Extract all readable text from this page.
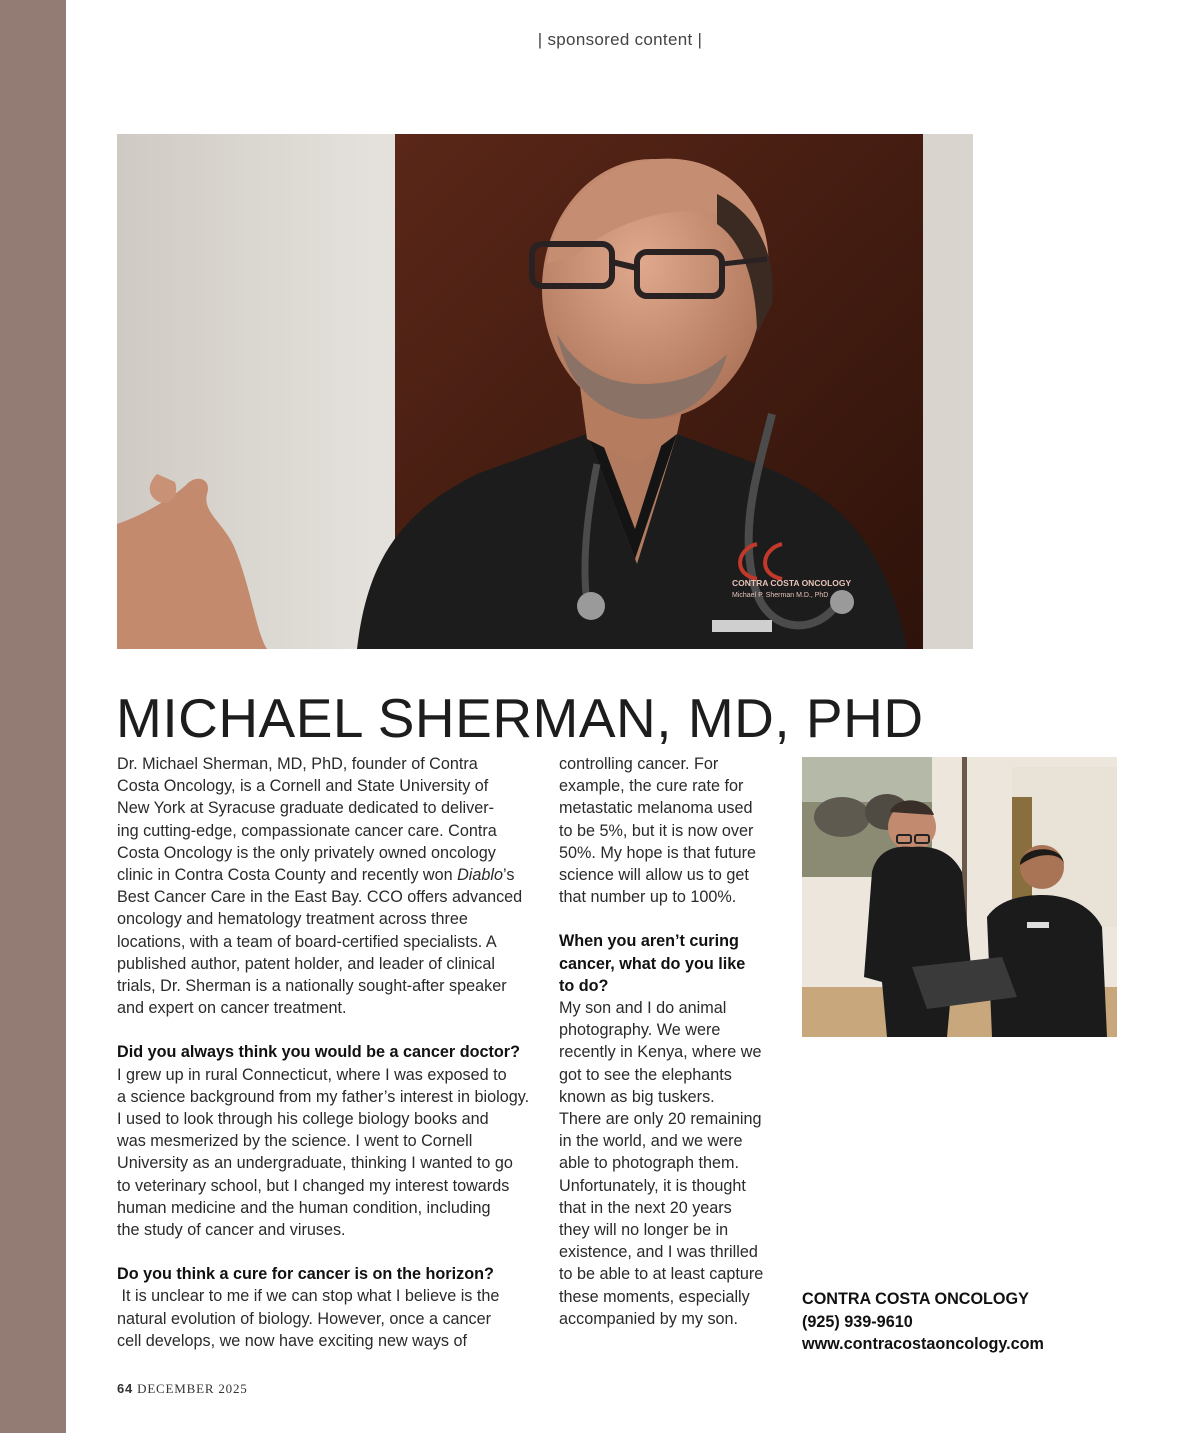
| sponsored content |
CONTRA COSTA ONCOLOGY
Michael P. Sherman M.D., PhD
MICHAEL SHERMAN, MD, PHD

Dr. Michael Sherman, MD, PhD, founder of Contra

Costa Oncology, is a Cornell and State University of

New York at Syracuse graduate dedicated to deliver-

ing cutting-edge, compassionate cancer care. Contra

Costa Oncology is the only privately owned oncology

clinic in Contra Costa County and recently won Diablo’s

Best Cancer Care in the East Bay. CCO offers advanced

oncology and hematology treatment across three

locations, with a team of board-certified specialists. A

published author, patent holder, and leader of clinical

trials, Dr. Sherman is a nationally sought-after speaker

and expert on cancer treatment.

Did you always think you would be a cancer doctor?

I grew up in rural Connecticut, where I was exposed to

a science background from my father’s interest in biology.

I used to look through his college biology books and

was mesmerized by the science. I went to Cornell

University as an undergraduate, thinking I wanted to go

to veterinary school, but I changed my interest towards

human medicine and the human condition, including

the study of cancer and viruses.

Do you think a cure for cancer is on the horizon?

It is unclear to me if we can stop what I believe is the

natural evolution of biology. However, once a cancer

cell develops, we now have exciting new ways of

controlling cancer. For

example, the cure rate for

metastatic melanoma used

to be 5%, but it is now over

50%. My hope is that future

science will allow us to get

that number up to 100%.

When you aren’t curing

cancer, what do you like

to do?

My son and I do animal

photography. We were

recently in Kenya, where we

got to see the elephants

known as big tuskers.

There are only 20 remaining

in the world, and we were

able to photograph them.

Unfortunately, it is thought

that in the next 20 years

they will no longer be in

existence, and I was thrilled

to be able to at least capture

these moments, especially

accompanied by my son.

CONTRA COSTA ONCOLOGY
(925) 939-9610
www.contracostaoncology.com
64 DECEMBER 2025
